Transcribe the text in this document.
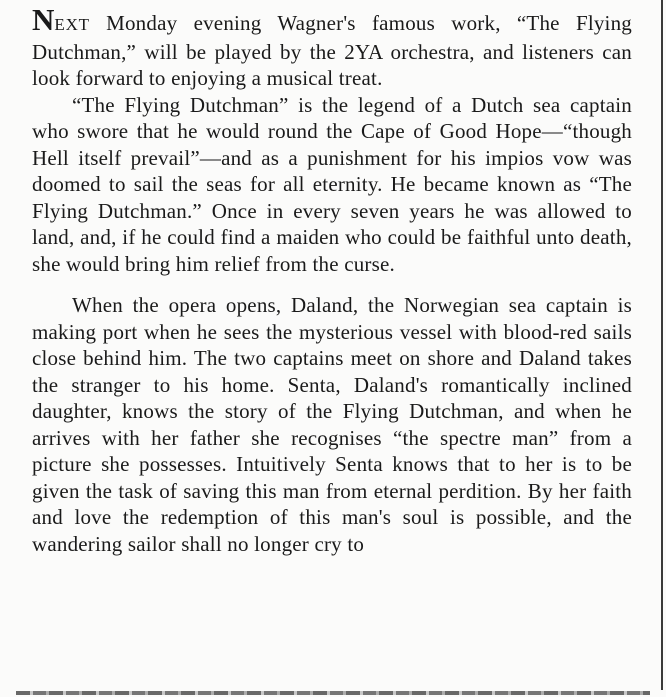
NEXT Monday evening Wagner's famous work, “The Flying Dutchman,” will be played by the 2YA orchestra, and listeners can look forward to enjoying a musical treat.

“The Flying Dutchman” is the legend of a Dutch sea captain who swore that he would round the Cape of Good Hope—“though Hell itself prevail”—and as a punishment for his impios vow was doomed to sail the seas for all eternity. He became known as “The Flying Dutchman.” Once in every seven years he was allowed to land, and, if he could find a maiden who could be faithful unto death, she would bring him relief from the curse.

When the opera opens, Daland, the Norwegian sea captain is making port when he sees the mysterious vessel with blood-red sails close behind him. The two captains meet on shore and Daland takes the stranger to his home. Senta, Daland's romantically inclined daughter, knows the story of the Flying Dutchman, and when he arrives with her father she recognises “the spectre man” from a picture she possesses. Intuitively Senta knows that to her is to be given the task of saving this man from eternal perdition. By her faith and love the redemption of this man's soul is possible, and the wandering sailor shall no longer cry to
